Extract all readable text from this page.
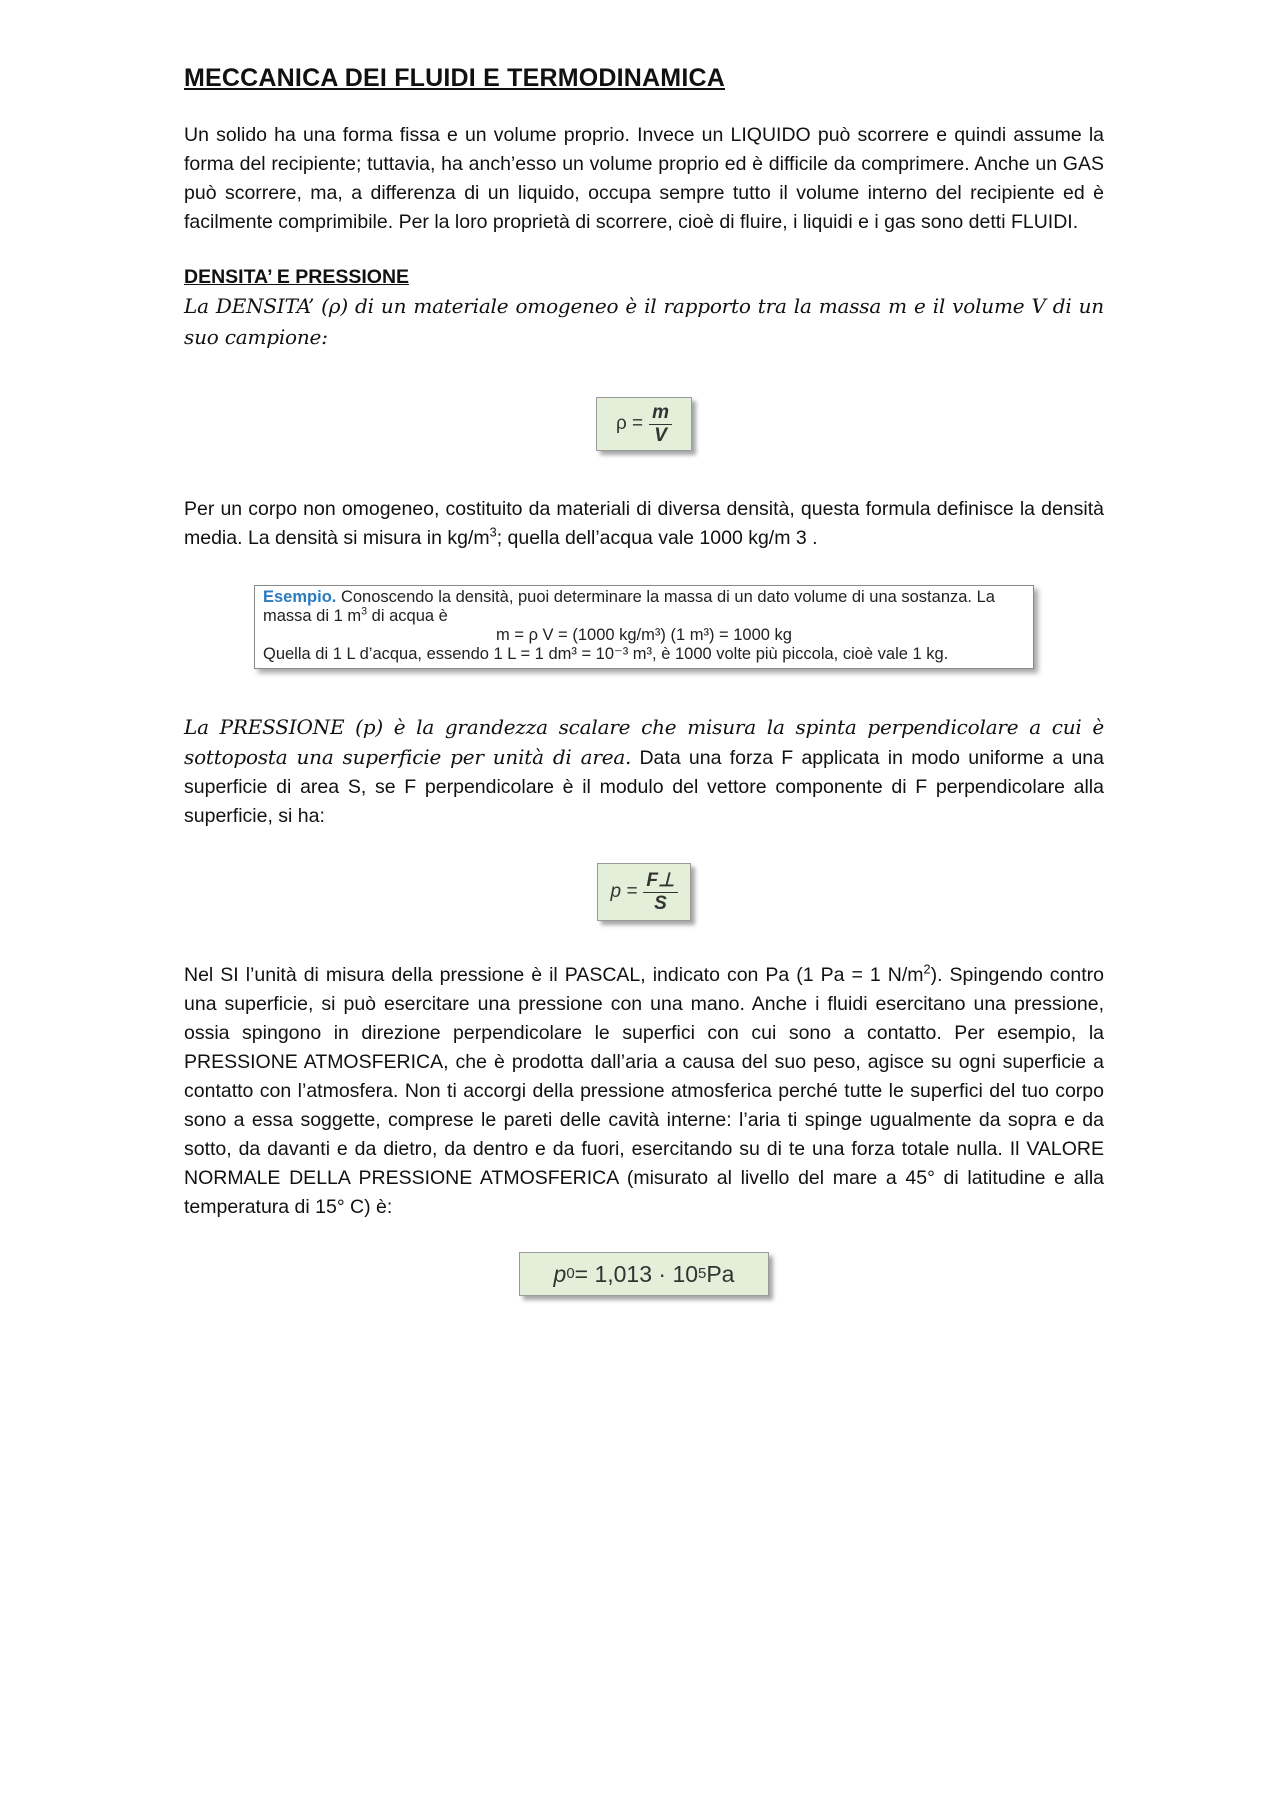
MECCANICA DEI FLUIDI E TERMODINAMICA

Un solido ha una forma fissa e un volume proprio. Invece un LIQUIDO può scorrere e quindi assume la forma del recipiente; tuttavia, ha anch’esso un volume proprio ed è difficile da comprimere. Anche un GAS può scorrere, ma, a differenza di un liquido, occupa sempre tutto il volume interno del recipiente ed è facilmente comprimibile. Per la loro proprietà di scorrere, cioè di fluire, i liquidi e i gas sono detti FLUIDI.

DENSITA’ E PRESSIONE

La DENSITA’ (ρ) di un materiale omogeneo è il rapporto tra la massa m e il volume V di un suo campione:

$\rho = \frac{m}{V}$

Per un corpo non omogeneo, costituito da materiali di diversa densità, questa formula definisce la densità media. La densità si misura in $kg/m^3$; quella dell’acqua vale 1000 kg/m 3 .

Esempio. Conoscendo la densità, puoi determinare la massa di un dato volume di una sostanza. La massa di 1 $m^3$ di acqua è
m = ρ V = (1000 kg/m³) (1 m³) = 1000 kg
Quella di 1 L d’acqua, essendo 1 L = 1 dm³ = 10⁻³ m³, è 1000 volte più piccola, cioè vale 1 kg.

La PRESSIONE (p) è la grandezza scalare che misura la spinta perpendicolare a cui è sottoposta una superficie per unità di area. Data una forza F applicata in modo uniforme a una superficie di area S, se F perpendicolare è il modulo del vettore componente di F perpendicolare alla superficie, si ha:

$p = \frac{F\perp}{S}$

Nel SI l’unità di misura della pressione è il PASCAL, indicato con Pa (1 Pa = 1 $N/m^2$). Spingendo contro una superficie, si può esercitare una pressione con una mano. Anche i fluidi esercitano una pressione, ossia spingono in direzione perpendicolare le superfici con cui sono a contatto. Per esempio, la PRESSIONE ATMOSFERICA, che è prodotta dall’aria a causa del suo peso, agisce su ogni superficie a contatto con l’atmosfera. Non ti accorgi della pressione atmosferica perché tutte le superfici del tuo corpo sono a essa soggette, comprese le pareti delle cavità interne: l’aria ti spinge ugualmente da sopra e da sotto, da davanti e da dietro, da dentro e da fuori, esercitando su di te una forza totale nulla. Il VALORE NORMALE DELLA PRESSIONE ATMOSFERICA (misurato al livello del mare a 45° di latitudine e alla temperatura di 15° C) è:

p 0 = 1,013 · 10 5 Pa
